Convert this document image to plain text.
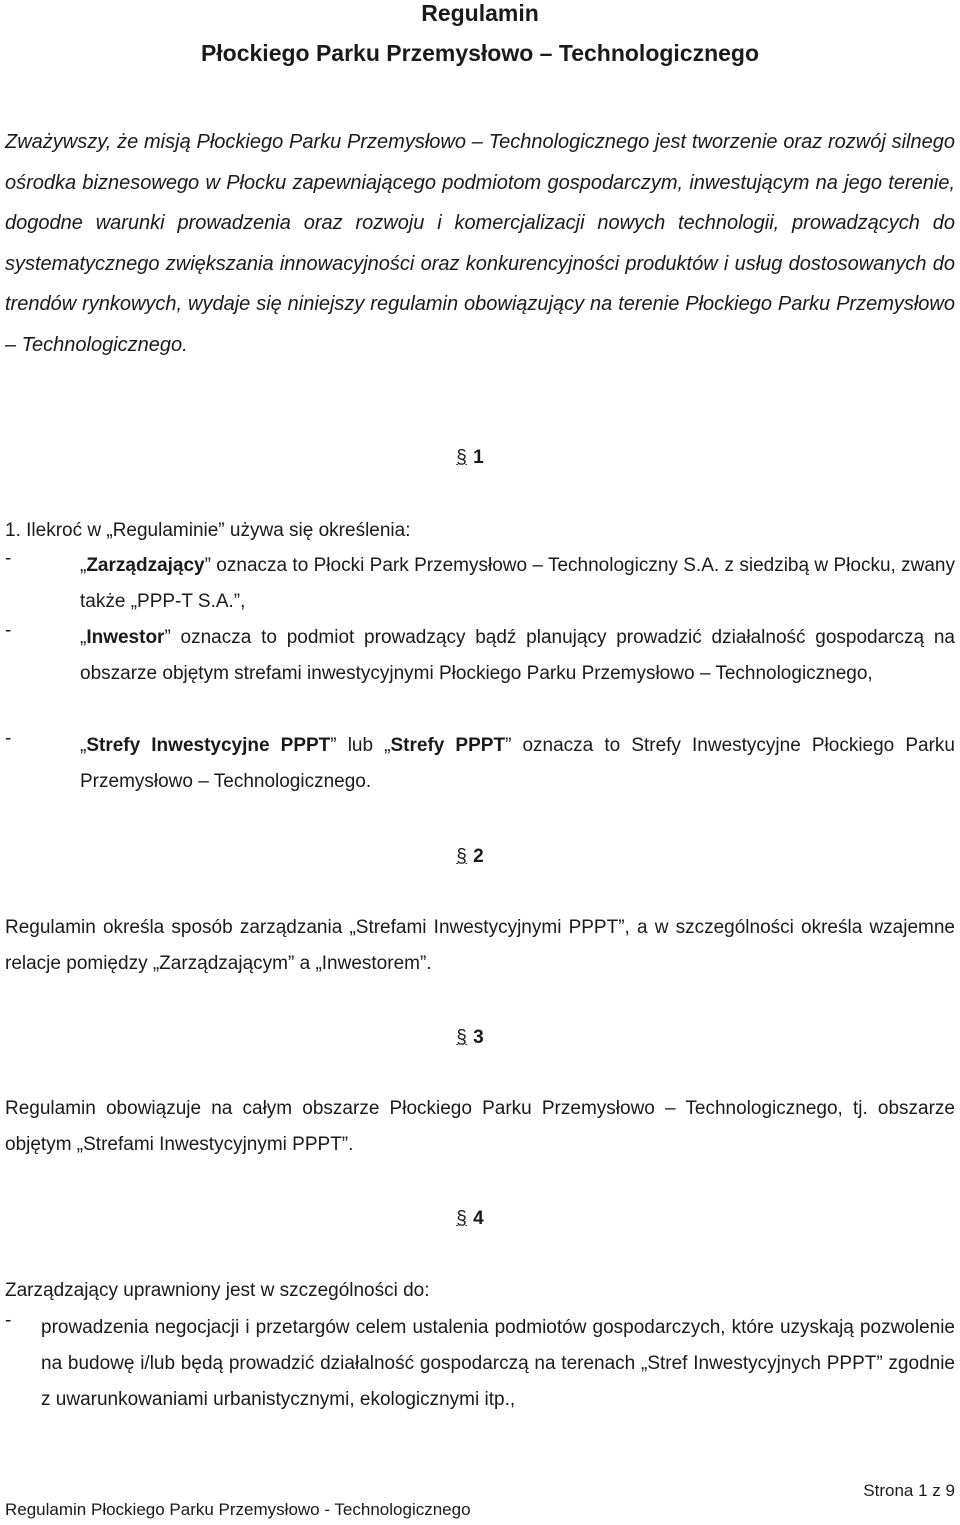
Regulamin
Płockiego Parku Przemysłowo – Technologicznego
Zważywszy, że misją Płockiego Parku Przemysłowo – Technologicznego jest tworzenie oraz rozwój silnego ośrodka biznesowego w Płocku zapewniającego podmiotom gospodarczym, inwestującym na jego terenie, dogodne warunki prowadzenia oraz rozwoju i komercjalizacji nowych technologii, prowadzących do systematycznego zwiększania innowacyjności oraz konkurencyjności produktów i usług dostosowanych do trendów rynkowych, wydaje się niniejszy regulamin obowiązujący na terenie Płockiego Parku Przemysłowo – Technologicznego.
§ 1
1. Ilekroć w „Regulaminie” używa się określenia:
-	„Zarządzający” oznacza to Płocki Park Przemysłowo – Technologiczny S.A. z siedzibą w Płocku, zwany także „PPP-T S.A.”,
-	„Inwestor” oznacza to podmiot prowadzący bądź planujący prowadzić działalność gospodarczą na obszarze objętym strefami inwestycyjnymi Płockiego Parku Przemysłowo – Technologicznego,
-	„Strefy Inwestycyjne PPPT” lub „Strefy PPPT” oznacza to Strefy Inwestycyjne Płockiego Parku Przemysłowo – Technologicznego.
§ 2
Regulamin określa sposób zarządzania „Strefami Inwestycyjnymi PPPT”, a w szczególności określa wzajemne relacje pomiędzy „Zarządzającym” a „Inwestorem”.
§ 3
Regulamin obowiązuje na całym obszarze Płockiego Parku Przemysłowo – Technologicznego, tj. obszarze objętym „Strefami Inwestycyjnymi PPPT”.
§ 4
Zarządzający uprawniony jest w szczególności do:
- prowadzenia negocjacji i przetargów celem ustalenia podmiotów gospodarczych, które uzyskają pozwolenie na budowę i/lub będą prowadzić działalność gospodarczą na terenach „Stref Inwestycyjnych PPPT” zgodnie z uwarunkowaniami urbanistycznymi, ekologicznymi itp.,
Strona 1 z 9
Regulamin Płockiego Parku Przemysłowo - Technologicznego
